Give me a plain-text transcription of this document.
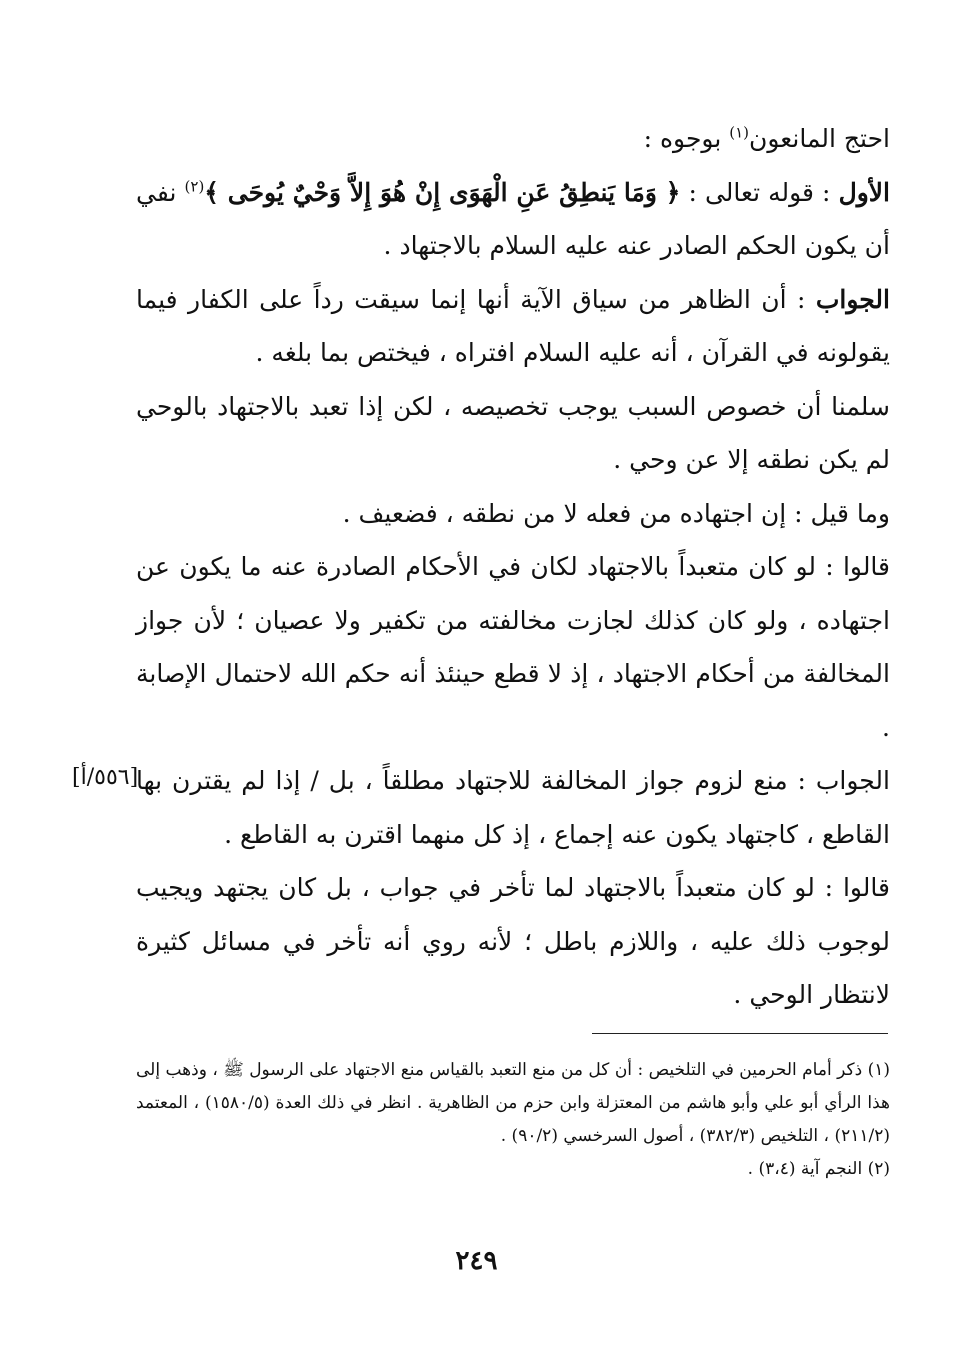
احتج المانعون$^{(١)}$ بوجوه :

الأول : قوله تعالى : ﴿ وَمَا يَنطِقُ عَنِ الْهَوَى إِنْ هُوَ إِلاَّ وَحْيٌ يُوحَى ﴾$^{(٢)}$ نفي أن يكون الحكم الصادر عنه عليه السلام بالاجتهاد .

الجواب : أن الظاهر من سياق الآية أنها إنما سيقت رداً على الكفار فيما يقولونه في القرآن ، أنه عليه السلام افتراه ، فيختص بما بلغه .

سلمنا أن خصوص السبب يوجب تخصيصه ، لكن إذا تعبد بالاجتهاد بالوحي لم يكن نطقه إلا عن وحي .

وما قيل : إن اجتهاده من فعله لا من نطقه ، فضعيف .

قالوا : لو كان متعبداً بالاجتهاد لكان في الأحكام الصادرة عنه ما يكون عن اجتهاده ، ولو كان كذلك لجازت مخالفته من تكفير ولا عصيان ؛ لأن جواز المخالفة من أحكام الاجتهاد ، إذ لا قطع حينئذ أنه حكم الله لاحتمال الإصابة .

الجواب : منع لزوم جواز المخالفة للاجتهاد مطلقاً ، بل / إذا لم يقترن بها القاطع ، كاجتهاد يكون عنه إجماع ، إذ كل منهما اقترن به القاطع .

قالوا : لو كان متعبداً بالاجتهاد لما تأخر في جواب ، بل كان يجتهد ويجيب لوجوب ذلك عليه ، واللازم باطل ؛ لأنه روي أنه تأخر في مسائل كثيرة لانتظار الوحي .

[٥٥٦/أ]

(١) ذكر أمام الحرمين في التلخيص : أن كل من منع التعبد بالقياس منع الاجتهاد على الرسول ﷺ ، وذهب إلى هذا الرأي أبو علي وأبو هاشم من المعتزلة وابن حزم من الظاهرية . انظر في ذلك العدة (١٥٨٠/٥) ، المعتمد (٢١١/٢) ، التلخيص (٣٨٢/٣) ، أصول السرخسي (٩٠/٢) .

(٢) النجم آية (٣،٤) .

٢٤٩
